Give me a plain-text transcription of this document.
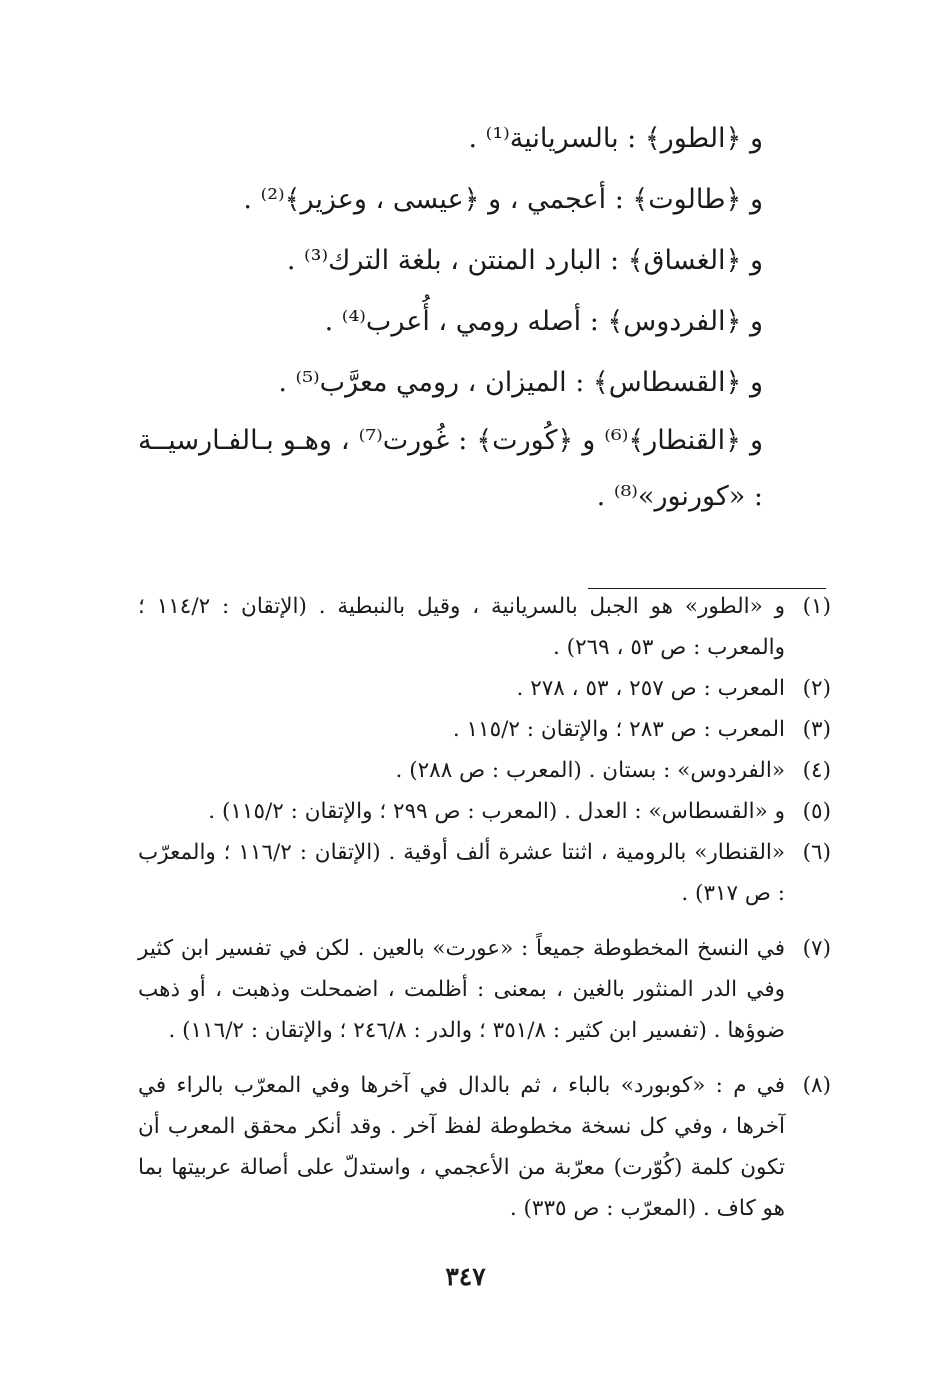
و ﴿الطور﴾ : بالسريانية⁽¹⁾ .

و ﴿طالوت﴾ : أعجمي ، و ﴿عيسى ، وعزير﴾⁽²⁾ .

و ﴿الغساق﴾ : البارد المنتن ، بلغة الترك⁽³⁾ .

و ﴿الفردوس﴾ : أصله رومي ، أُعرب⁽⁴⁾ .

و ﴿القسطاس﴾ : الميزان ، رومي معرَّب⁽⁵⁾ .

و ﴿القنطار﴾⁽⁶⁾ و ﴿كُورت﴾ : غُورت⁽⁷⁾ ، وهـو بـالفـارسيــة : «كورنور»⁽⁸⁾ .

(١)
و «الطور» هو الجبل بالسريانية ، وقيل بالنبطية . (الإتقان : ١١٤/٢ ؛ والمعرب : ص ٥٣ ، ٢٦٩) .
(٢)
المعرب : ص ٢٥٧ ، ٥٣ ، ٢٧٨ .
(٣)
المعرب : ص ٢٨٣ ؛ والإتقان : ١١٥/٢ .
(٤)
«الفردوس» : بستان . (المعرب : ص ٢٨٨) .
(٥)
و «القسطاس» : العدل . (المعرب : ص ٢٩٩ ؛ والإتقان : ١١٥/٢) .
(٦)
«القنطار» بالرومية ، اثنتا عشرة ألف أوقية . (الإتقان : ١١٦/٢ ؛ والمعرّب : ص ٣١٧) .
(٧)
في النسخ المخطوطة جميعاً : «عورت» بالعين . لكن في تفسير ابن كثير وفي الدر المنثور بالغين ، بمعنى : أظلمت ، اضمحلت وذهبت ، أو ذهب ضوؤها . (تفسير ابن كثير : ٣٥١/٨ ؛ والدر : ٢٤٦/٨ ؛ والإتقان : ١١٦/٢) .
(٨)
في م : «كوبورد» بالباء ، ثم بالدال في آخرها وفي المعرّب بالراء في آخرها ، وفي كل نسخة مخطوطة لفظ آخر . وقد أنكر محقق المعرب أن تكون كلمة (كُوّرت) معرّبة من الأعجمي ، واستدلّ على أصالة عربيتها بما هو كاف . (المعرّب : ص ٣٣٥) .
٣٤٧
